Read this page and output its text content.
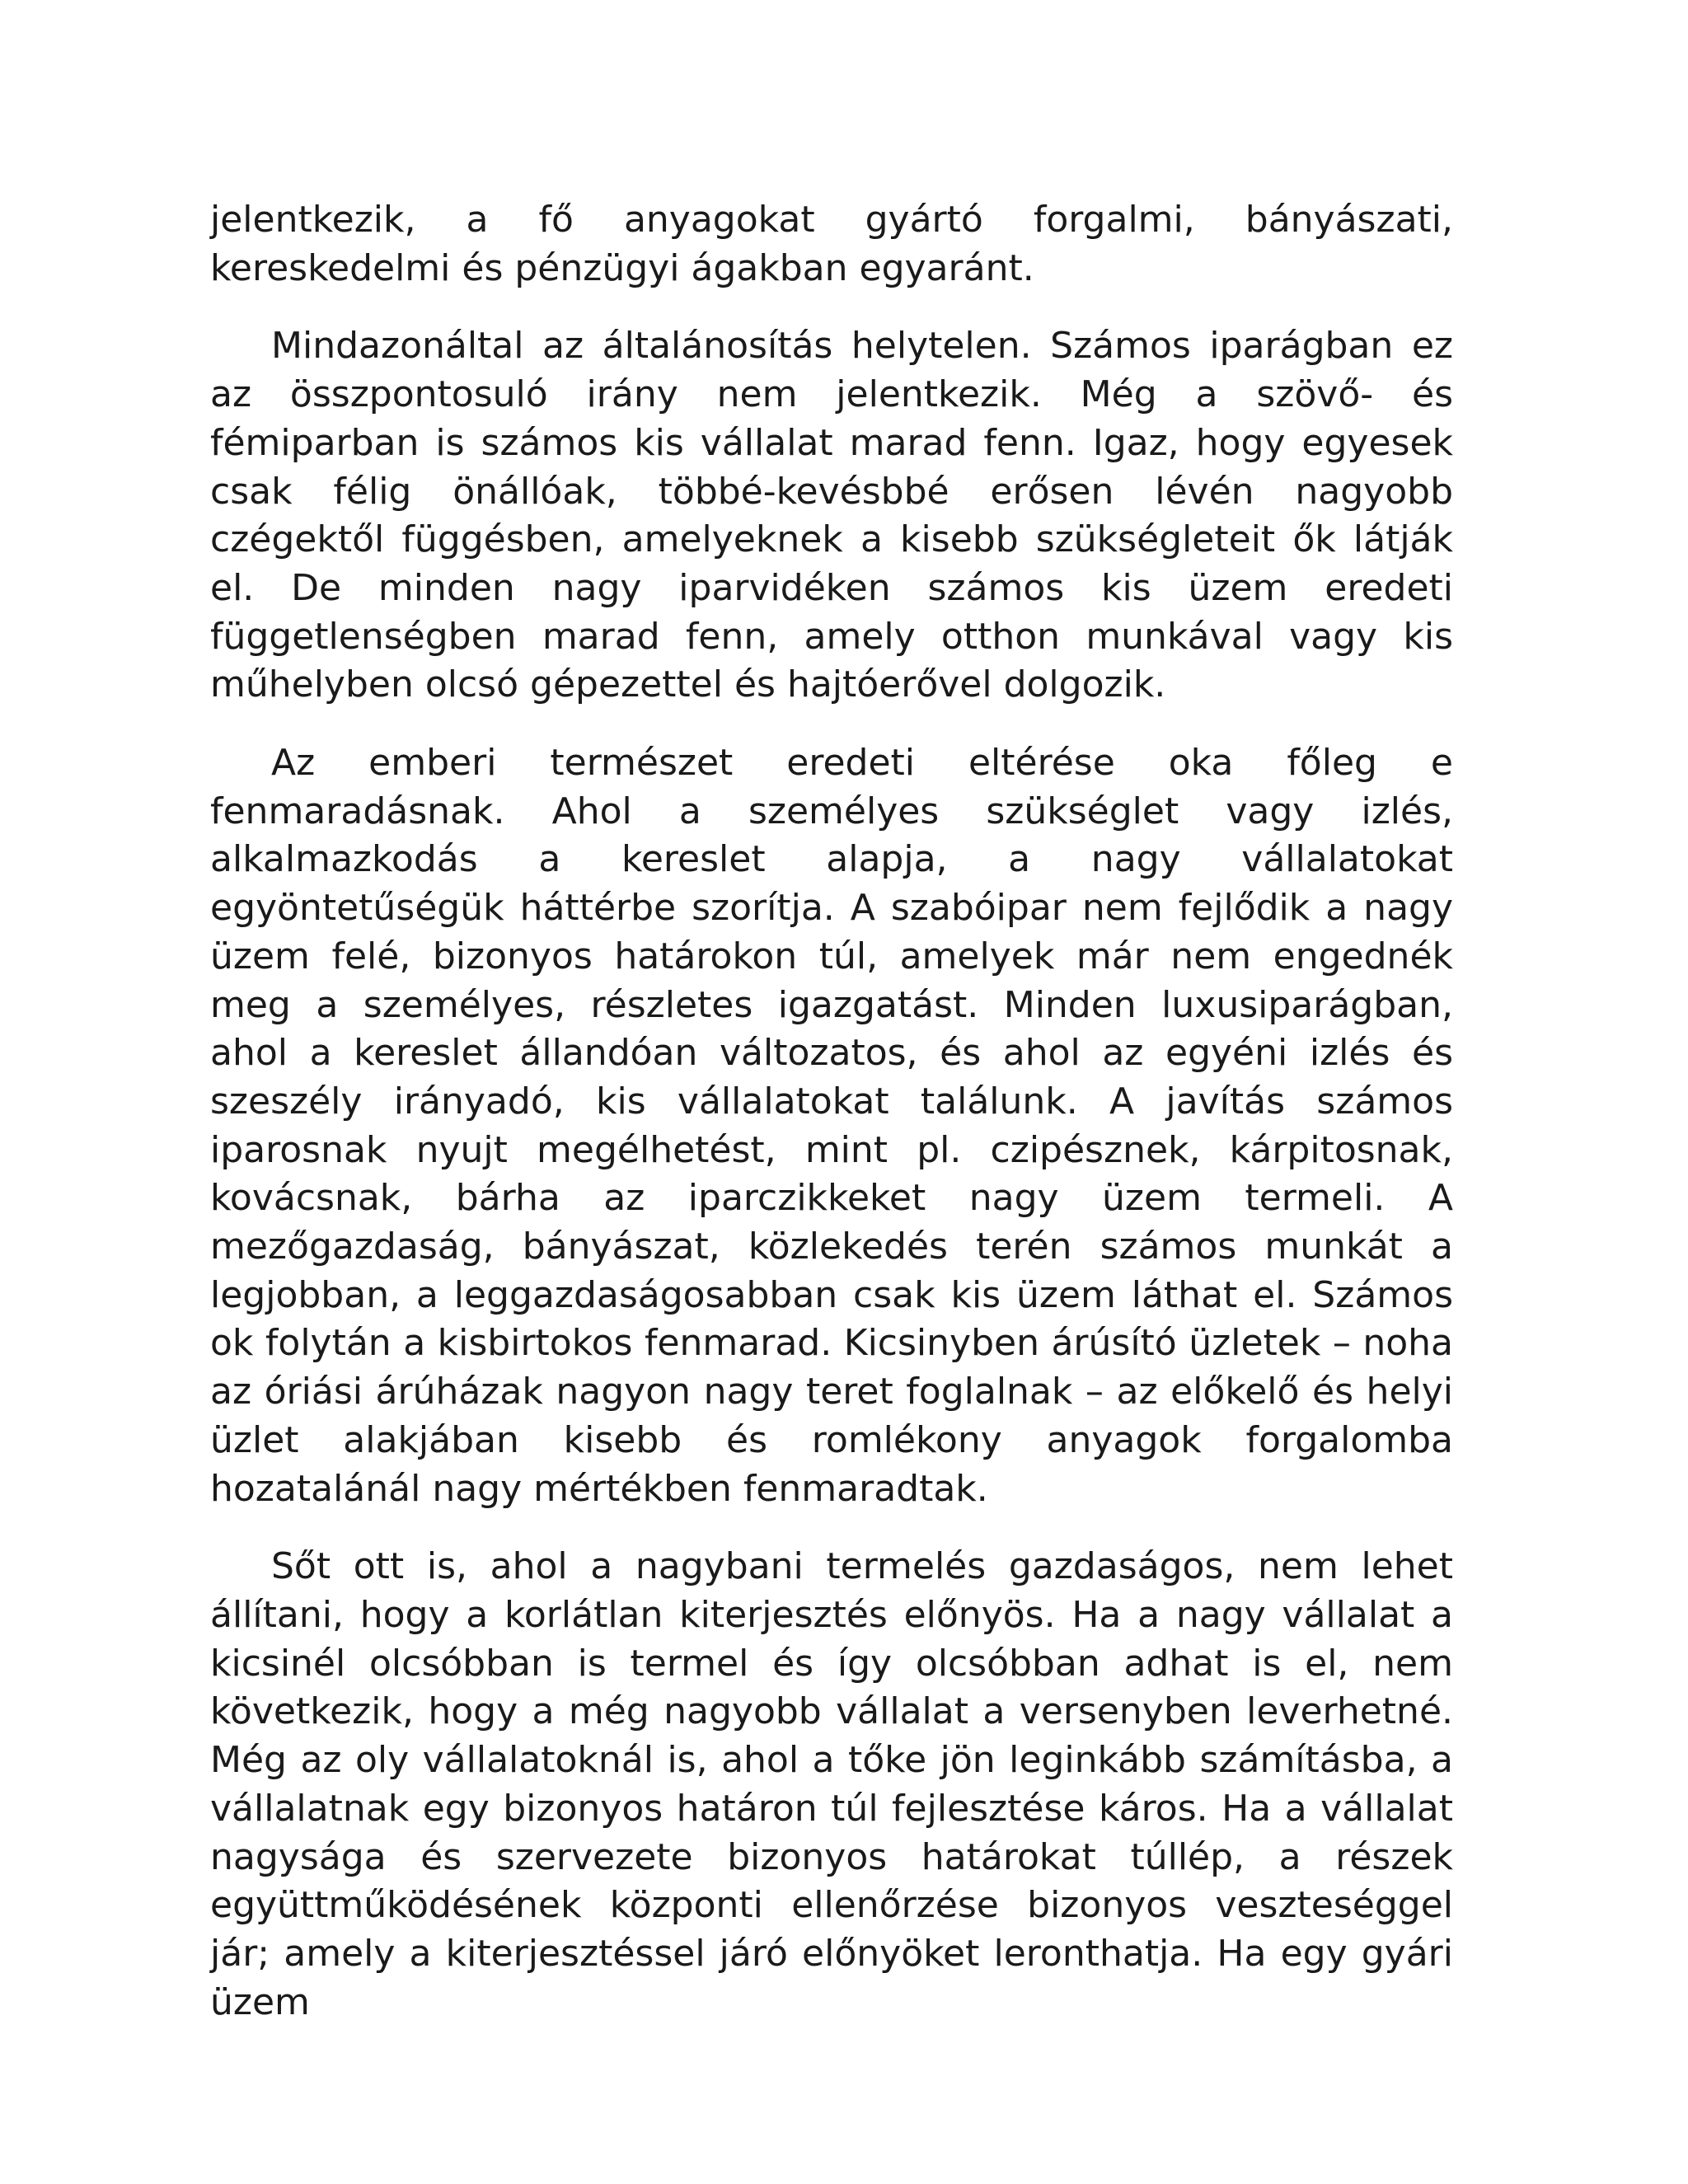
jelentkezik, a fő anyagokat gyártó forgalmi, bányászati, kereskedelmi és pénzügyi ágakban egyaránt.

Mindazonáltal az általánosítás helytelen. Számos iparágban ez az összpontosuló irány nem jelentkezik. Még a szövő- és fémiparban is számos kis vállalat marad fenn. Igaz, hogy egyesek csak félig önállóak, többé-kevésbbé erősen lévén nagyobb czégektől függésben, amelyeknek a kisebb szükségleteit ők látják el. De minden nagy iparvidéken számos kis üzem eredeti függetlenségben marad fenn, amely otthon munkával vagy kis műhelyben olcsó gépezettel és hajtóerővel dolgozik.

Az emberi természet eredeti eltérése oka főleg e fenmaradásnak. Ahol a személyes szükséglet vagy izlés, alkalmazkodás a kereslet alapja, a nagy vállalatokat egyöntetűségük háttérbe szorítja. A szabóipar nem fejlődik a nagy üzem felé, bizonyos határokon túl, amelyek már nem engednék meg a személyes, részletes igazgatást. Minden luxusiparágban, ahol a kereslet állandóan változatos, és ahol az egyéni izlés és szeszély irányadó, kis vállalatokat találunk. A javítás számos iparosnak nyujt megélhetést, mint pl. czipésznek, kárpitosnak, kovácsnak, bárha az iparczikkeket nagy üzem termeli. A mezőgazdaság, bányászat, közlekedés terén számos munkát a legjobban, a leggazdaságosabban csak kis üzem láthat el. Számos ok folytán a kisbirtokos fenmarad. Kicsinyben árúsító üzletek – noha az óriási árúházak nagyon nagy teret foglalnak – az előkelő és helyi üzlet alakjában kisebb és romlékony anyagok forgalomba hozatalánál nagy mértékben fenmaradtak.

Sőt ott is, ahol a nagybani termelés gazdaságos, nem lehet állítani, hogy a korlátlan kiterjesztés előnyös. Ha a nagy vállalat a kicsinél olcsóbban is termel és így olcsóbban adhat is el, nem következik, hogy a még nagyobb vállalat a versenyben leverhetné. Még az oly vállalatoknál is, ahol a tőke jön leginkább számításba, a vállalatnak egy bizonyos határon túl fejlesztése káros. Ha a vállalat nagysága és szervezete bizonyos határokat túllép, a részek együttműködésének központi ellenőrzése bizonyos veszteséggel jár; amely a kiterjesztéssel járó előnyöket leronthatja. Ha egy gyári üzem
